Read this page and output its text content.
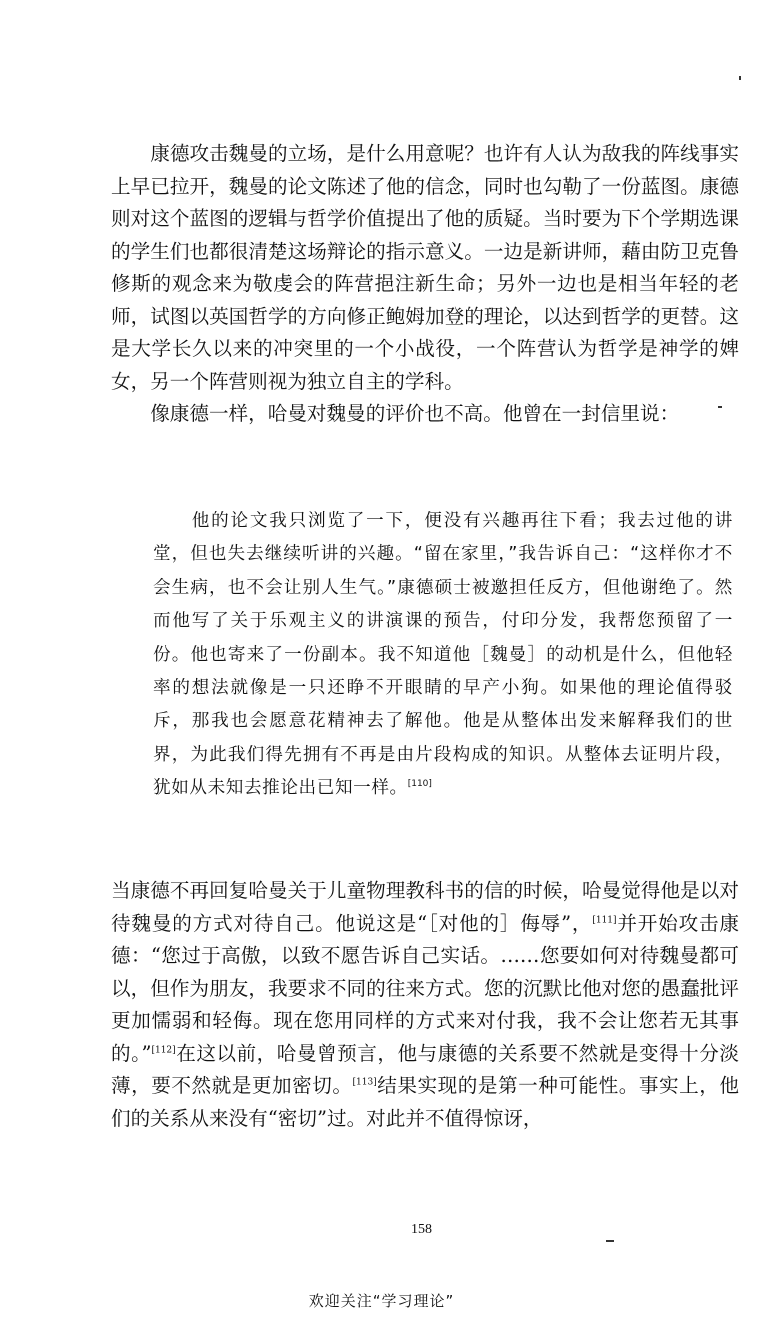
康德攻击魏曼的立场，是什么用意呢？也许有人认为敌我的阵线事实上早已拉开，魏曼的论文陈述了他的信念，同时也勾勒了一份蓝图。康德则对这个蓝图的逻辑与哲学价值提出了他的质疑。当时要为下个学期选课的学生们也都很清楚这场辩论的指示意义。一边是新讲师，藉由防卫克鲁修斯的观念来为敬虔会的阵营挹注新生命；另外一边也是相当年轻的老师，试图以英国哲学的方向修正鲍姆加登的理论，以达到哲学的更替。这是大学长久以来的冲突里的一个小战役，一个阵营认为哲学是神学的婢女，另一个阵营则视为独立自主的学科。

像康德一样，哈曼对魏曼的评价也不高。他曾在一封信里说：

他的论文我只浏览了一下，便没有兴趣再往下看；我去过他的讲堂，但也失去继续听讲的兴趣。“留在家里，”我告诉自己：“这样你才不会生病，也不会让别人生气。”康德硕士被邀担任反方，但他谢绝了。然而他写了关于乐观主义的讲演课的预告，付印分发，我帮您预留了一份。他也寄来了一份副本。我不知道他［魏曼］的动机是什么，但他轻率的想法就像是一只还睁不开眼睛的早产小狗。如果他的理论值得驳斥，那我也会愿意花精神去了解他。他是从整体出发来解释我们的世界，为此我们得先拥有不再是由片段构成的知识。从整体去证明片段，犹如从未知去推论出已知一样。[110]

当康德不再回复哈曼关于儿童物理教科书的信的时候，哈曼觉得他是以对待魏曼的方式对待自己。他说这是“［对他的］侮辱”，[111]并开始攻击康德：“您过于高傲，以致不愿告诉自己实话。……您要如何对待魏曼都可以，但作为朋友，我要求不同的往来方式。您的沉默比他对您的愚蠢批评更加懦弱和轻侮。现在您用同样的方式来对付我，我不会让您若无其事的。”[112]在这以前，哈曼曾预言，他与康德的关系要不然就是变得十分淡薄，要不然就是更加密切。[113]结果实现的是第一种可能性。事实上，他们的关系从来没有“密切”过。对此并不值得惊讶，

158
欢迎关注“学习理论”
